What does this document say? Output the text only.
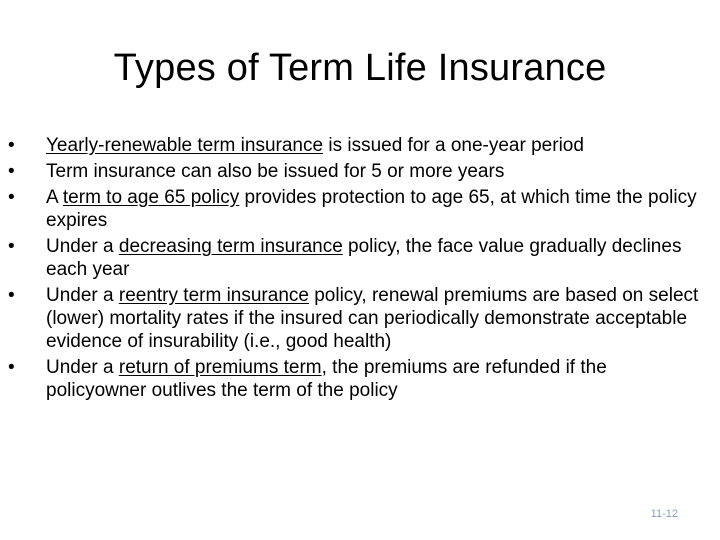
Types of Term Life Insurance
•	Yearly-renewable term insurance is issued for a one-year period
•	Term insurance can also be issued for 5 or more years
•	A term to age 65 policy provides protection to age 65, at which time the policy expires
•	Under a decreasing term insurance policy, the face value gradually declines each year
•	Under a reentry term insurance policy, renewal premiums are based on select (lower) mortality rates if the insured can periodically demonstrate acceptable evidence of insurability (i.e., good health)
•	Under a return of premiums term, the premiums are refunded if the policyowner outlives the term of the policy
11-12
